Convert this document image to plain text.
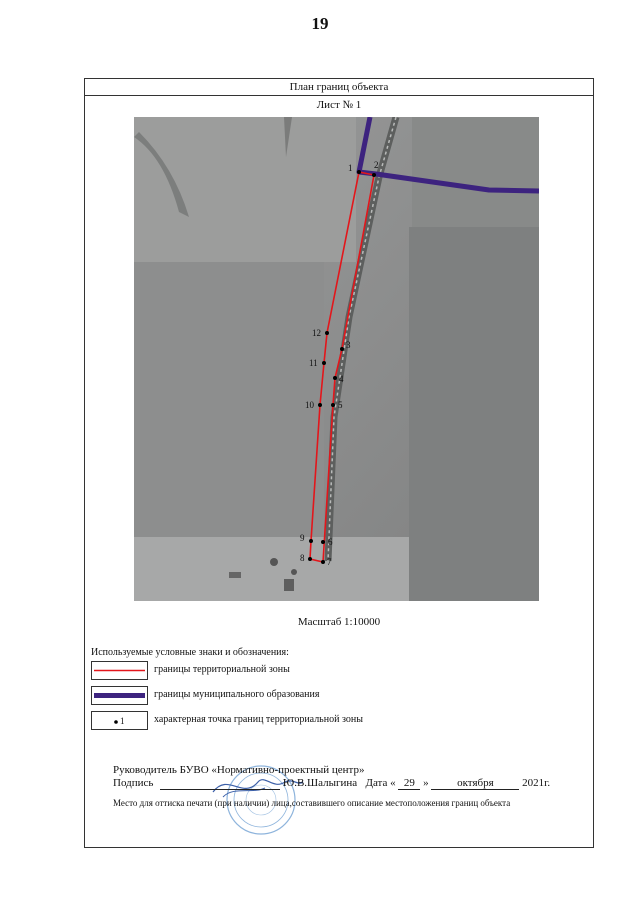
19
План границ объекта
Лист № 1
1 2
3
4
5
6
7
8
9
10
11
12
Масштаб 1:10000
Используемые условные знаки и обозначения:
границы территориальной зоны
границы муниципального образования
1	характерная точка границ территориальной зоны
Руководитель БУВО «Нормативно-проектный центр»
Подпись	Ю.В.Шалыгина Дата « 29 »	октября	2021г.
Место для оттиска печати (при наличии) лица,составившего описание местоположения границ объекта
